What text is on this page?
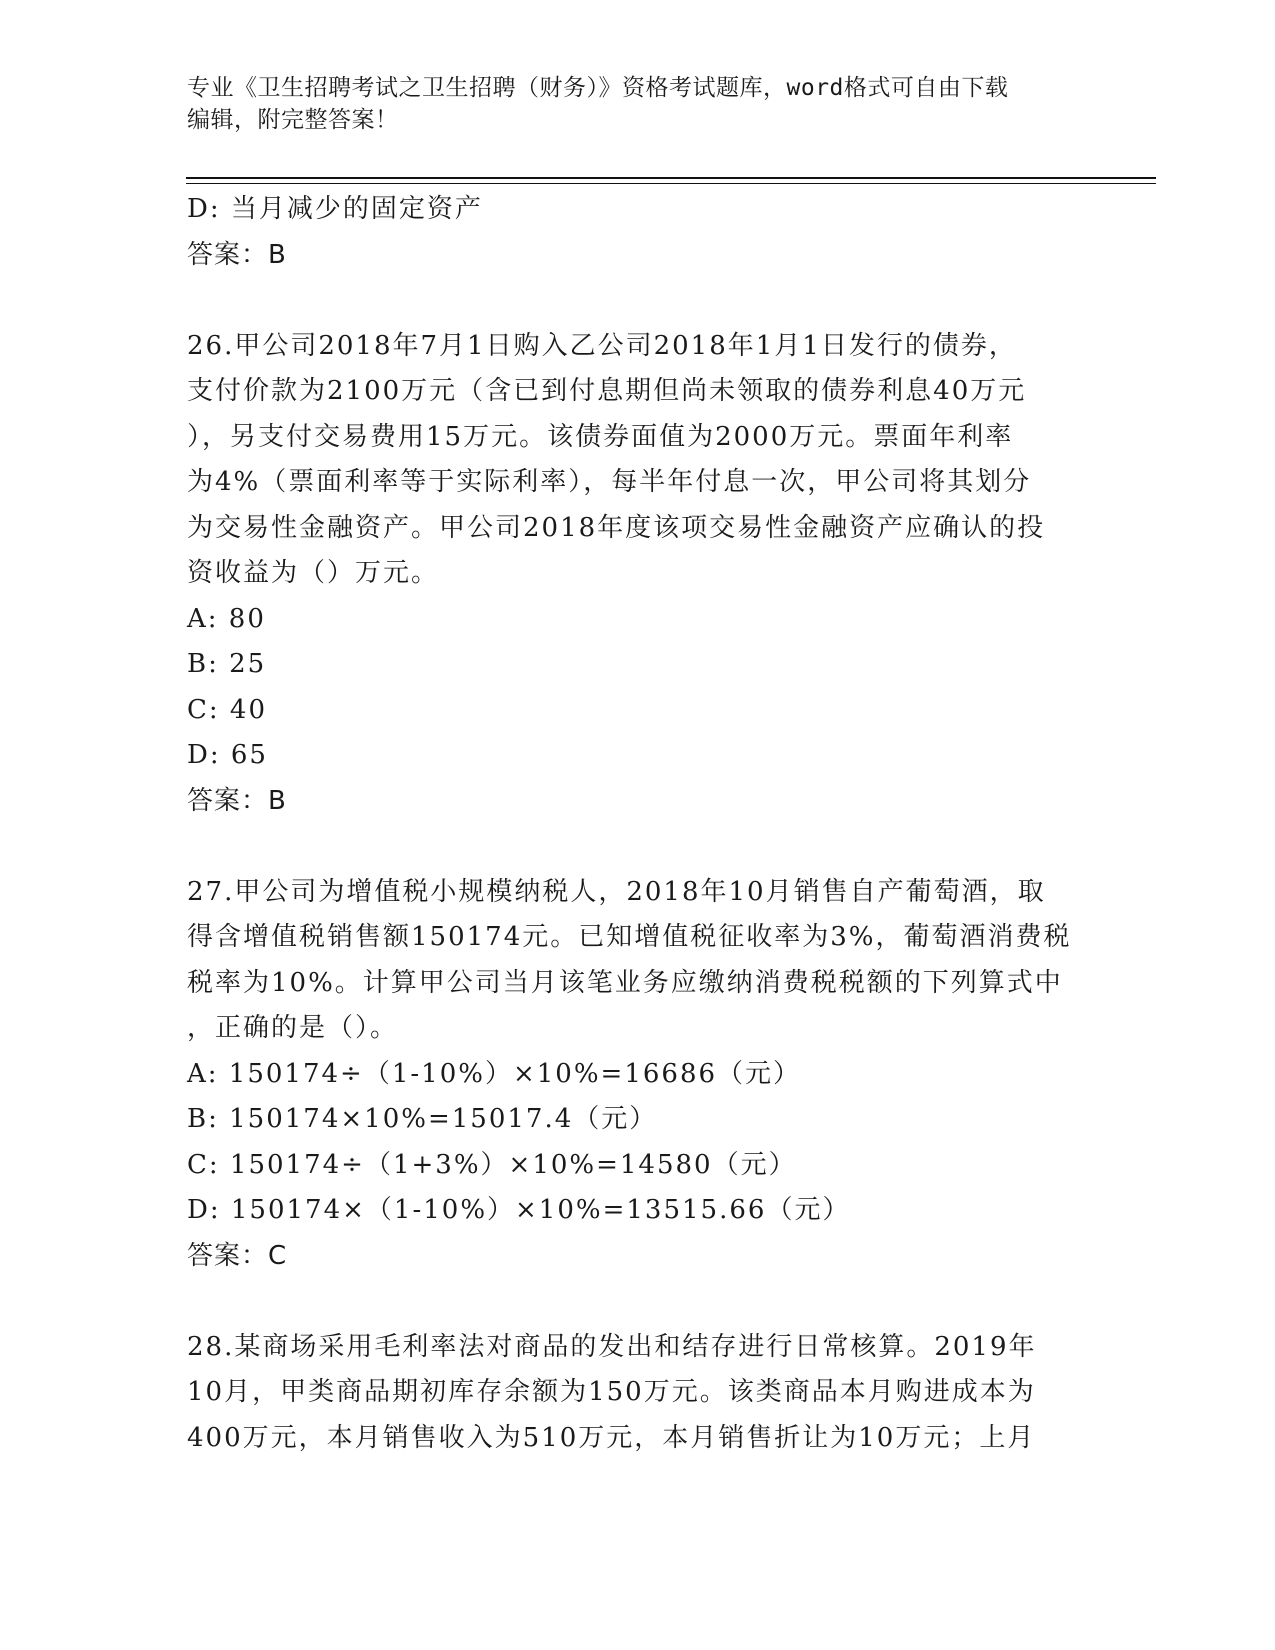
专业《卫生招聘考试之卫生招聘（财务）》资格考试题库，word格式可自由下载
编辑，附完整答案！
D: 当月减少的固定资产
答案：B
26.甲公司2018年7月1日购入乙公司2018年1月1日发行的债券，
支付价款为2100万元（含已到付息期但尚未领取的债券利息40万元
），另支付交易费用15万元。该债券面值为2000万元。票面年利率
为4%（票面利率等于实际利率），每半年付息一次，甲公司将其划分
为交易性金融资产。甲公司2018年度该项交易性金融资产应确认的投
资收益为（）万元。
A: 80
B: 25
C: 40
D: 65
答案：B
27.甲公司为增值税小规模纳税人，2018年10月销售自产葡萄酒，取
得含增值税销售额150174元。已知增值税征收率为3%，葡萄酒消费税
税率为10%。计算甲公司当月该笔业务应缴纳消费税税额的下列算式中
，正确的是（）。
A: 150174÷（1-10%）×10%=16686（元）
B: 150174×10%=15017.4（元）
C: 150174÷（1+3%）×10%=14580（元）
D: 150174×（1-10%）×10%=13515.66（元）
答案：C
28.某商场采用毛利率法对商品的发出和结存进行日常核算。2019年
10月，甲类商品期初库存余额为150万元。该类商品本月购进成本为
400万元，本月销售收入为510万元，本月销售折让为10万元；上月
